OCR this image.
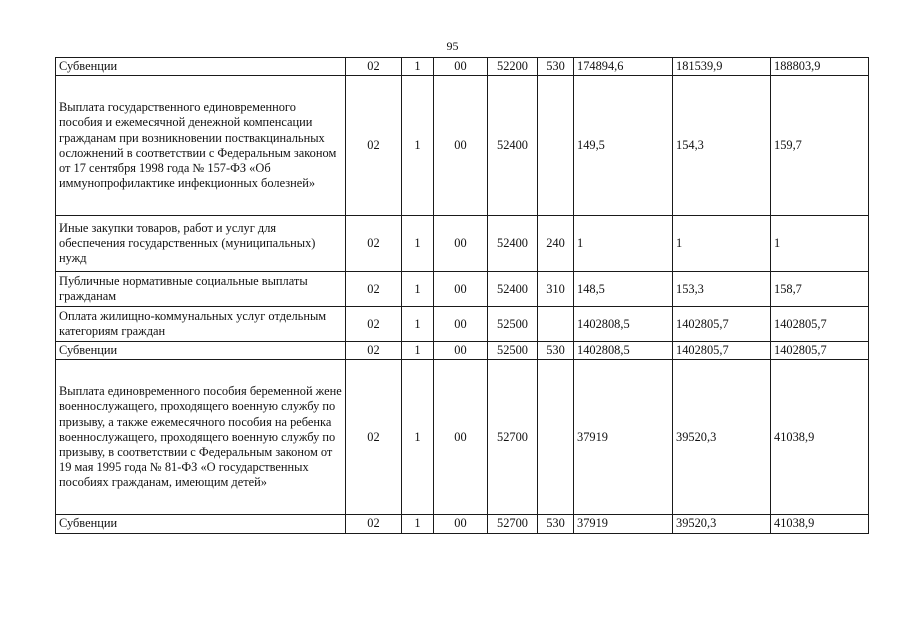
95
Субвенции	02	1	00	52200	530	174894,6	181539,9	188803,9
Выплата государственного единовременного пособия и ежемесячной денежной компенсации гражданам при возникновении поствакцинальных осложнений в соответствии с Федеральным законом от 17 сентября 1998 года № 157-ФЗ «Об иммунопрофилактике инфекционных болезней»	02	1	00	52400		149,5	154,3	159,7
Иные закупки товаров, работ и услуг для обеспечения государственных (муниципальных) нужд	02	1	00	52400	240	1	1	1
Публичные нормативные социальные выплаты гражданам	02	1	00	52400	310	148,5	153,3	158,7
Оплата жилищно-коммунальных услуг отдельным категориям граждан	02	1	00	52500		1402808,5	1402805,7	1402805,7
Субвенции	02	1	00	52500	530	1402808,5	1402805,7	1402805,7
Выплата единовременного пособия беременной жене военнослужащего, проходящего военную службу по призыву, а также ежемесячного пособия на ребенка военнослужащего, проходящего военную службу по призыву, в соответствии с Федеральным законом от 19 мая 1995 года № 81-ФЗ «О государственных пособиях гражданам, имеющим детей»	02	1	00	52700		37919	39520,3	41038,9
Субвенции	02	1	00	52700	530	37919	39520,3	41038,9
